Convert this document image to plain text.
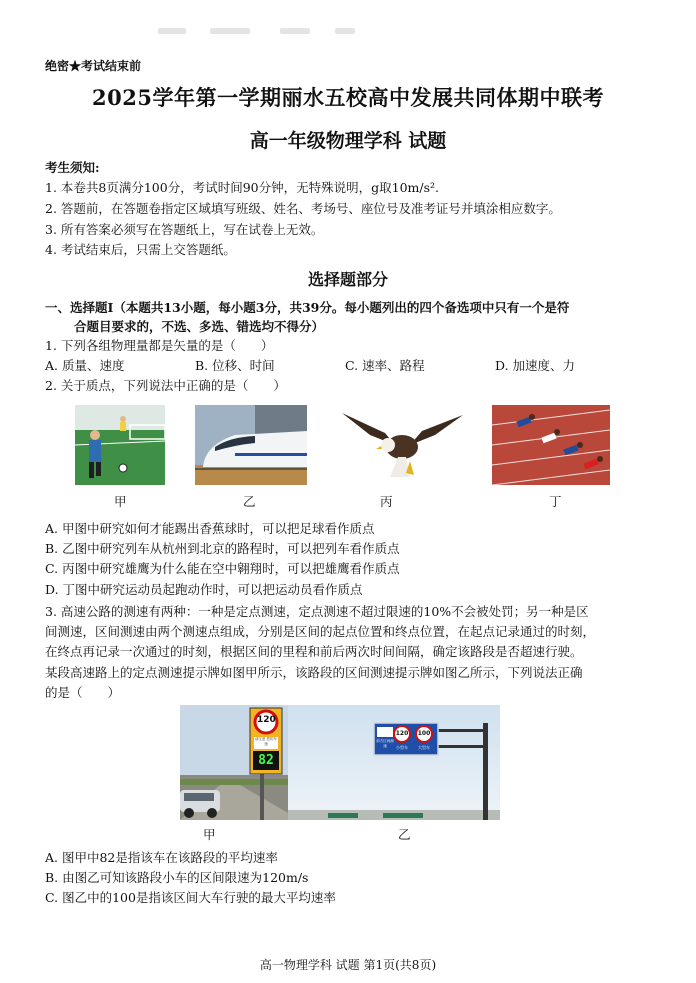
绝密★考试结束前
2025学年第一学期丽水五校高中发展共同体期中联考
高一年级物理学科 试题
考生须知:
1. 本卷共8页满分100分，考试时间90分钟，无特殊说明，g取10m/s².
2. 答题前，在答题卷指定区域填写班级、姓名、考场号、座位号及准考证号并填涂相应数字。
3. 所有答案必须写在答题纸上，写在试卷上无效。
4. 考试结束后，只需上交答题纸。
选择题部分
一、选择题Ⅰ（本题共13小题，每小题3分，共39分。每小题列出的四个备选项中只有一个是符
合题目要求的，不选、多选、错选均不得分）
1. 下列各组物理量都是矢量的是（　　）
A. 质量、速度	B. 位移、时间	C. 速率、路程	D. 加速度、力
2. 关于质点，下列说法中正确的是（　　）
甲	乙	丙	丁
A. 甲图中研究如何才能踢出香蕉球时，可以把足球看作质点
B. 乙图中研究列车从杭州到北京的路程时，可以把列车看作质点
C. 丙图中研究雄鹰为什么能在空中翱翔时，可以把雄鹰看作质点
D. 丁图中研究运动员起跑动作时，可以把运动员看作质点
3. 高速公路的测速有两种：一种是定点测速，定点测速不超过限速的10%不会被处罚；另一种是区
间测速，区间测速由两个测速点组成，分别是区间的起点位置和终点位置，在起点记录通过的时刻，
在终点再记录一次通过的时刻，根据区间的里程和前后两次时间间隔，确定该路段是否超速行驶。
某段高速路上的定点测速提示牌如图甲所示，该路段的区间测速提示牌如图乙所示，下列说法正确
的是（　　）
120
请注意 您的车速
82
前方区间测速
120 100
小型车	大型车
甲	乙
A. 图甲中82是指该车在该路段的平均速率
B. 由图乙可知该路段小车的区间限速为120m/s
C. 图乙中的100是指该区间大车行驶的最大平均速率
高一物理学科 试题 第1页(共8页)
